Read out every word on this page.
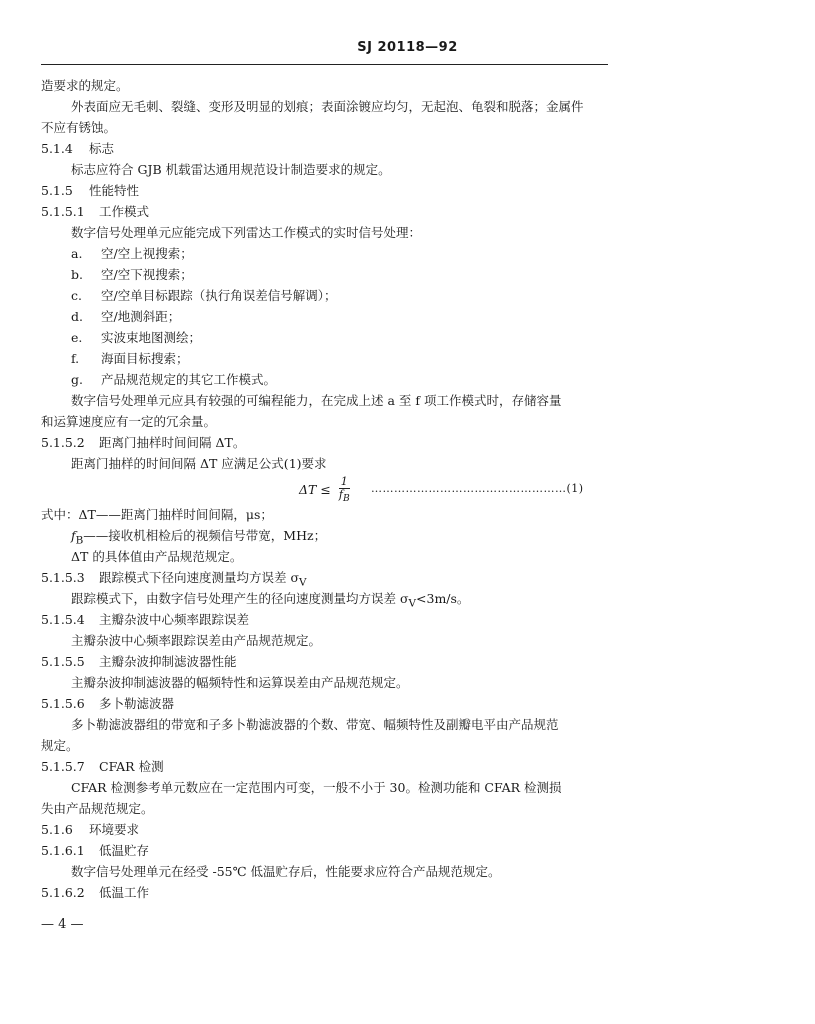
SJ 20118—92
造要求的规定。
外表面应无毛刺、裂缝、变形及明显的划痕；表面涂镀应均匀，无起泡、龟裂和脱落；金属件
不应有锈蚀。
5.1.4 标志
标志应符合 GJB 机载雷达通用规范设计制造要求的规定。
5.1.5 性能特性
5.1.5.1 工作模式
数字信号处理单元应能完成下列雷达工作模式的实时信号处理：
a. 空/空上视搜索；
b. 空/空下视搜索；
c. 空/空单目标跟踪（执行角误差信号解调）；
d. 空/地测斜距；
e. 实波束地图测绘；
f. 海面目标搜索；
g. 产品规范规定的其它工作模式。
数字信号处理单元应具有较强的可编程能力，在完成上述 a 至 f 项工作模式时，存储容量
和运算速度应有一定的冗余量。
5.1.5.2 距离门抽样时间间隔 ΔT。
距离门抽样的时间间隔 ΔT 应满足公式(1)要求
$\Delta T \le \frac{1}{f_B}$ ……………………………………………(1)
式中：ΔT——距离门抽样时间间隔，μs；
$f_B——$接收机相检后的视频信号带宽，MHz；
ΔT 的具体值由产品规范规定。
5.1.5.3 跟踪模式下径向速度测量均方误差 $\sigma_V$
跟踪模式下，由数字信号处理产生的径向速度测量均方误差 $\sigma_V<3m/s$。
5.1.5.4 主瓣杂波中心频率跟踪误差
主瓣杂波中心频率跟踪误差由产品规范规定。
5.1.5.5 主瓣杂波抑制滤波器性能
主瓣杂波抑制滤波器的幅频特性和运算误差由产品规范规定。
5.1.5.6 多卜勒滤波器
多卜勒滤波器组的带宽和子多卜勒滤波器的个数、带宽、幅频特性及副瓣电平由产品规范
规定。
5.1.5.7 CFAR 检测
CFAR 检测参考单元数应在一定范围内可变，一般不小于 30。检测功能和 CFAR 检测损
失由产品规范规定。
5.1.6 环境要求
5.1.6.1 低温贮存
数字信号处理单元在经受 -55℃ 低温贮存后，性能要求应符合产品规范规定。
5.1.6.2 低温工作
— 4 —
